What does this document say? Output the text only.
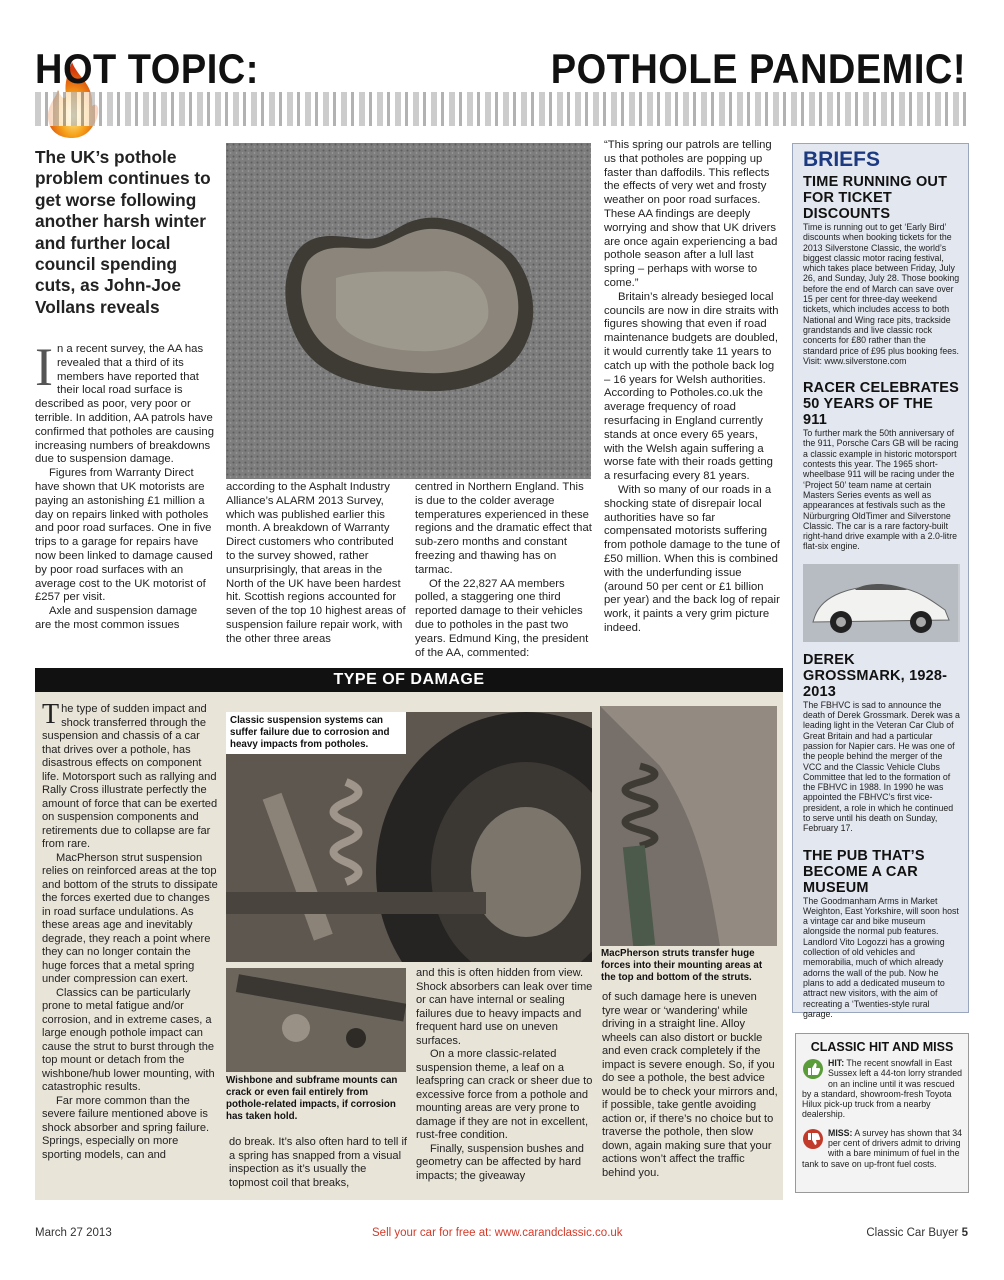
HOT TOPIC:	POTHOLE PANDEMIC!
The UK’s pothole problem continues to get worse following another harsh winter and further local council spending cuts, as John-Joe Vollans reveals
I n a recent survey, the AA has revealed that a third of its members have reported that their local road surface is described as poor, very poor or terrible. In addition, AA patrols have confirmed that potholes are causing increasing numbers of breakdowns due to suspension damage.

Figures from Warranty Direct have shown that UK motorists are paying an astonishing £1 million a day on repairs linked with potholes and poor road surfaces. One in five trips to a garage for repairs have now been linked to damage caused by poor road surfaces with an average cost to the UK motorist of £257 per visit.

Axle and suspension damage are the most common issues

according to the Asphalt Industry Alliance’s ALARM 2013 Survey, which was published earlier this month. A breakdown of Warranty Direct customers who contributed to the survey showed, rather unsurprisingly, that areas in the North of the UK have been hardest hit. Scottish regions accounted for seven of the top 10 highest areas of suspension failure repair work, with the other three areas

centred in Northern England. This is due to the colder average temperatures experienced in these regions and the dramatic effect that sub-zero months and constant freezing and thawing has on tarmac.

Of the 22,827 AA members polled, a staggering one third reported damage to their vehicles due to potholes in the past two years. Edmund King, the president of the AA, commented:

“This spring our patrols are telling us that potholes are popping up faster than daffodils. This reflects the effects of very wet and frosty weather on poor road surfaces. These AA findings are deeply worrying and show that UK drivers are once again experiencing a bad pothole season after a lull last spring – perhaps with worse to come.”

Britain’s already besieged local councils are now in dire straits with figures showing that even if road maintenance budgets are doubled, it would currently take 11 years to catch up with the pothole back log – 16 years for Welsh authorities. According to Potholes.co.uk the average frequency of road resurfacing in England currently stands at once every 65 years, with the Welsh again suffering a worse fate with their roads getting a resurfacing every 81 years.

With so many of our roads in a shocking state of disrepair local authorities have so far compensated motorists suffering from pothole damage to the tune of £50 million. When this is combined with the underfunding issue (around 50 per cent or £1 billion per year) and the back log of repair work, it paints a very grim picture indeed.

TYPE OF DAMAGE
T he type of sudden impact and shock transferred through the suspension and chassis of a car that drives over a pothole, has disastrous effects on component life. Motorsport such as rallying and Rally Cross illustrate perfectly the amount of force that can be exerted on suspension components and retirements due to collapse are far from rare.

MacPherson strut suspension relies on reinforced areas at the top and bottom of the struts to dissipate the forces exerted due to changes in road surface undulations. As these areas age and inevitably degrade, they reach a point where they can no longer contain the huge forces that a metal spring under compression can exert.

Classics can be particularly prone to metal fatigue and/or corrosion, and in extreme cases, a large enough pothole impact can cause the strut to burst through the top mount or detach from the wishbone/hub lower mounting, with catastrophic results.

Far more common than the severe failure mentioned above is shock absorber and spring failure. Springs, especially on more sporting models, can and

Classic suspension systems can suffer failure due to corrosion and heavy impacts from potholes.
Wishbone and subframe mounts can crack or even fail entirely from pothole-related impacts, if corrosion has taken hold.

do break. It’s also often hard to tell if a spring has snapped from a visual inspection as it’s usually the topmost coil that breaks,

and this is often hidden from view. Shock absorbers can leak over time or can have internal or sealing failures due to heavy impacts and frequent hard use on uneven surfaces.

On a more classic-related suspension theme, a leaf on a leafspring can crack or sheer due to excessive force from a pothole and mounting areas are very prone to damage if they are not in excellent, rust-free condition.

Finally, suspension bushes and geometry can be affected by hard impacts; the giveaway

MacPherson struts transfer huge forces into their mounting areas at the top and bottom of the struts.

of such damage here is uneven tyre wear or ‘wandering’ while driving in a straight line. Alloy wheels can also distort or buckle and even crack completely if the impact is severe enough. So, if you do see a pothole, the best advice would be to check your mirrors and, if possible, take gentle avoiding action or, if there’s no choice but to traverse the pothole, then slow down, again making sure that your actions won’t affect the traffic behind you.

BRIEFS
TIME RUNNING OUT FOR TICKET DISCOUNTS
Time is running out to get ‘Early Bird’ discounts when booking tickets for the 2013 Silverstone Classic, the world’s biggest classic motor racing festival, which takes place between Friday, July 26, and Sunday, July 28. Those booking before the end of March can save over 15 per cent for three-day weekend tickets, which includes access to both National and Wing race pits, trackside grandstands and live classic rock concerts for £80 rather than the standard price of £95 plus booking fees. Visit: www.silverstone.com
RACER CELEBRATES 50 YEARS OF THE 911
To further mark the 50th anniversary of the 911, Porsche Cars GB will be racing a classic example in historic motorsport contests this year. The 1965 short-wheelbase 911 will be racing under the ‘Project 50’ team name at certain Masters Series events as well as appearances at festivals such as the Nürburgring OldTimer and Silverstone Classic. The car is a rare factory-built right-hand drive example with a 2.0-litre flat-six engine.
DEREK GROSSMARK, 1928-2013
The FBHVC is sad to announce the death of Derek Grossmark. Derek was a leading light in the Veteran Car Club of Great Britain and had a particular passion for Napier cars. He was one of the people behind the merger of the VCC and the Classic Vehicle Clubs Committee that led to the formation of the FBHVC in 1988. In 1990 he was appointed the FBHVC’s first vice-president, a role in which he continued to serve until his death on Sunday, February 17.
THE PUB THAT’S BECOME A CAR MUSEUM
The Goodmanham Arms in Market Weighton, East Yorkshire, will soon host a vintage car and bike museum alongside the normal pub features. Landlord Vito Logozzi has a growing collection of old vehicles and memorabilia, much of which already adorns the wall of the pub. Now he plans to add a dedicated museum to attract new visitors, with the aim of recreating a ‘Twenties-style rural garage.
CLASSIC HIT AND MISS
HIT: The recent snowfall in East Sussex left a 44-ton lorry stranded on an incline until it was rescued by a standard, showroom-fresh Toyota Hilux pick-up truck from a nearby dealership.
MISS: A survey has shown that 34 per cent of drivers admit to driving with a bare minimum of fuel in the tank to save on up-front fuel costs.
March 27 2013	Sell your car for free at: www.carandclassic.co.uk	Classic Car Buyer 5
